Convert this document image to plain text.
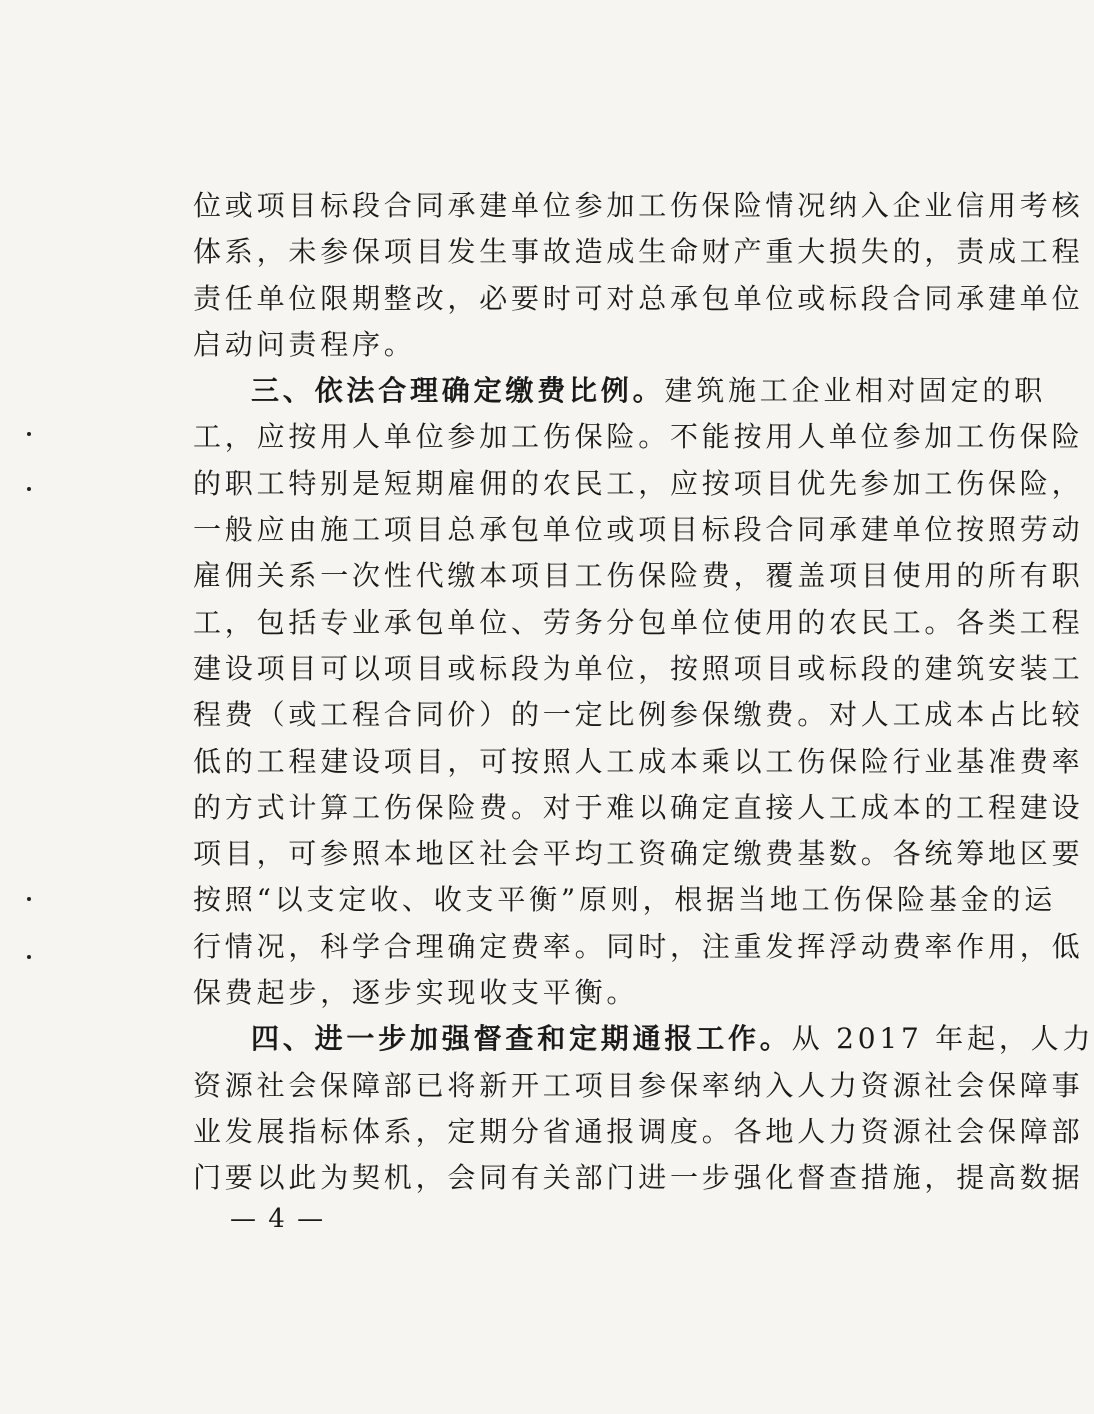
位或项目标段合同承建单位参加工伤保险情况纳入企业信用考核
体系，未参保项目发生事故造成生命财产重大损失的，责成工程
责任单位限期整改，必要时可对总承包单位或标段合同承建单位
启动问责程序。
三、依法合理确定缴费比例。建筑施工企业相对固定的职
工，应按用人单位参加工伤保险。不能按用人单位参加工伤保险
的职工特别是短期雇佣的农民工，应按项目优先参加工伤保险，
一般应由施工项目总承包单位或项目标段合同承建单位按照劳动
雇佣关系一次性代缴本项目工伤保险费，覆盖项目使用的所有职
工，包括专业承包单位、劳务分包单位使用的农民工。各类工程
建设项目可以项目或标段为单位，按照项目或标段的建筑安装工
程费（或工程合同价）的一定比例参保缴费。对人工成本占比较
低的工程建设项目，可按照人工成本乘以工伤保险行业基准费率
的方式计算工伤保险费。对于难以确定直接人工成本的工程建设
项目，可参照本地区社会平均工资确定缴费基数。各统筹地区要
按照“以支定收、收支平衡”原则，根据当地工伤保险基金的运
行情况，科学合理确定费率。同时，注重发挥浮动费率作用，低
保费起步，逐步实现收支平衡。
四、进一步加强督查和定期通报工作。从 2017 年起，人力
资源社会保障部已将新开工项目参保率纳入人力资源社会保障事
业发展指标体系，定期分省通报调度。各地人力资源社会保障部
门要以此为契机，会同有关部门进一步强化督查措施，提高数据
— 4 —
